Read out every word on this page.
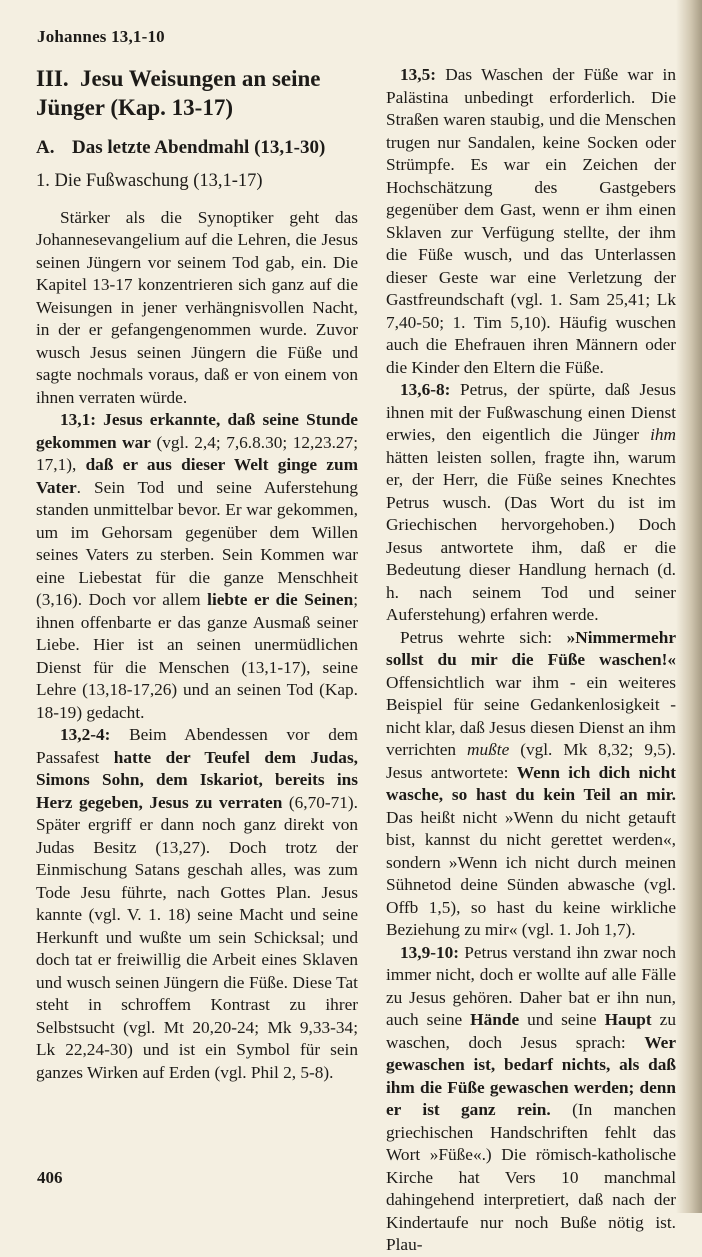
Johannes 13,1-10
III. Jesu Weisungen an seine Jünger (Kap. 13-17)
A. Das letzte Abendmahl (13,1-30)
1. Die Fußwaschung (13,1-17)

Stärker als die Synoptiker geht das Johannesevangelium auf die Lehren, die Jesus seinen Jüngern vor seinem Tod gab, ein. Die Kapitel 13-17 konzentrieren sich ganz auf die Weisungen in jener verhängnisvollen Nacht, in der er gefangengenommen wurde. Zuvor wusch Jesus seinen Jüngern die Füße und sagte nochmals voraus, daß er von einem von ihnen verraten würde.

13,1: Jesus erkannte, daß seine Stunde gekommen war (vgl. 2,4; 7,6.8.30; 12,23.27; 17,1), daß er aus dieser Welt ginge zum Vater. Sein Tod und seine Auferstehung standen unmittelbar bevor. Er war gekommen, um im Gehorsam gegenüber dem Willen seines Vaters zu sterben. Sein Kommen war eine Liebestat für die ganze Menschheit (3,16). Doch vor allem liebte er die Seinen; ihnen offenbarte er das ganze Ausmaß seiner Liebe. Hier ist an seinen unermüdlichen Dienst für die Menschen (13,1-17), seine Lehre (13,18-17,26) und an seinen Tod (Kap. 18-19) gedacht.

13,2-4: Beim Abendessen vor dem Passafest hatte der Teufel dem Judas, Simons Sohn, dem Iskariot, bereits ins Herz gegeben, Jesus zu verraten (6,70-71). Später ergriff er dann noch ganz direkt von Judas Besitz (13,27). Doch trotz der Einmischung Satans geschah alles, was zum Tode Jesu führte, nach Gottes Plan. Jesus kannte (vgl. V. 1. 18) seine Macht und seine Herkunft und wußte um sein Schicksal; und doch tat er freiwillig die Arbeit eines Sklaven und wusch seinen Jüngern die Füße. Diese Tat steht in schroffem Kontrast zu ihrer Selbstsucht (vgl. Mt 20,20-24; Mk 9,33-34; Lk 22,24-30) und ist ein Symbol für sein ganzes Wirken auf Erden (vgl. Phil 2, 5-8).

13,5: Das Waschen der Füße war in Palästina unbedingt erforderlich. Die Straßen waren staubig, und die Menschen trugen nur Sandalen, keine Socken oder Strümpfe. Es war ein Zeichen der Hochschätzung des Gastgebers gegenüber dem Gast, wenn er ihm einen Sklaven zur Verfügung stellte, der ihm die Füße wusch, und das Unterlassen dieser Geste war eine Verletzung der Gastfreundschaft (vgl. 1. Sam 25,41; Lk 7,40-50; 1. Tim 5,10). Häufig wuschen auch die Ehefrauen ihren Männern oder die Kinder den Eltern die Füße.

13,6-8: Petrus, der spürte, daß Jesus ihnen mit der Fußwaschung einen Dienst erwies, den eigentlich die Jünger ihm hätten leisten sollen, fragte ihn, warum er, der Herr, die Füße seines Knechtes Petrus wusch. (Das Wort du ist im Griechischen hervorgehoben.) Doch Jesus antwortete ihm, daß er die Bedeutung dieser Handlung hernach (d. h. nach seinem Tod und seiner Auferstehung) erfahren werde.

Petrus wehrte sich: »Nimmermehr sollst du mir die Füße waschen!« Offensichtlich war ihm - ein weiteres Beispiel für seine Gedankenlosigkeit - nicht klar, daß Jesus diesen Dienst an ihm verrichten mußte (vgl. Mk 8,32; 9,5). Jesus antwortete: Wenn ich dich nicht wasche, so hast du kein Teil an mir. Das heißt nicht »Wenn du nicht getauft bist, kannst du nicht gerettet werden«, sondern »Wenn ich nicht durch meinen Sühnetod deine Sünden abwasche (vgl. Offb 1,5), so hast du keine wirkliche Beziehung zu mir« (vgl. 1. Joh 1,7).

13,9-10: Petrus verstand ihn zwar noch immer nicht, doch er wollte auf alle Fälle zu Jesus gehören. Daher bat er ihn nun, auch seine Hände und seine Haupt zu waschen, doch Jesus sprach: Wer gewaschen ist, bedarf nichts, als daß ihm die Füße gewaschen werden; denn er ist ganz rein. (In manchen griechischen Handschriften fehlt das Wort »Füße«.) Die römisch-katholische Kirche hat Vers 10 manchmal dahingehend interpretiert, daß nach der Kindertaufe nur noch Buße nötig ist. Plau-

406
